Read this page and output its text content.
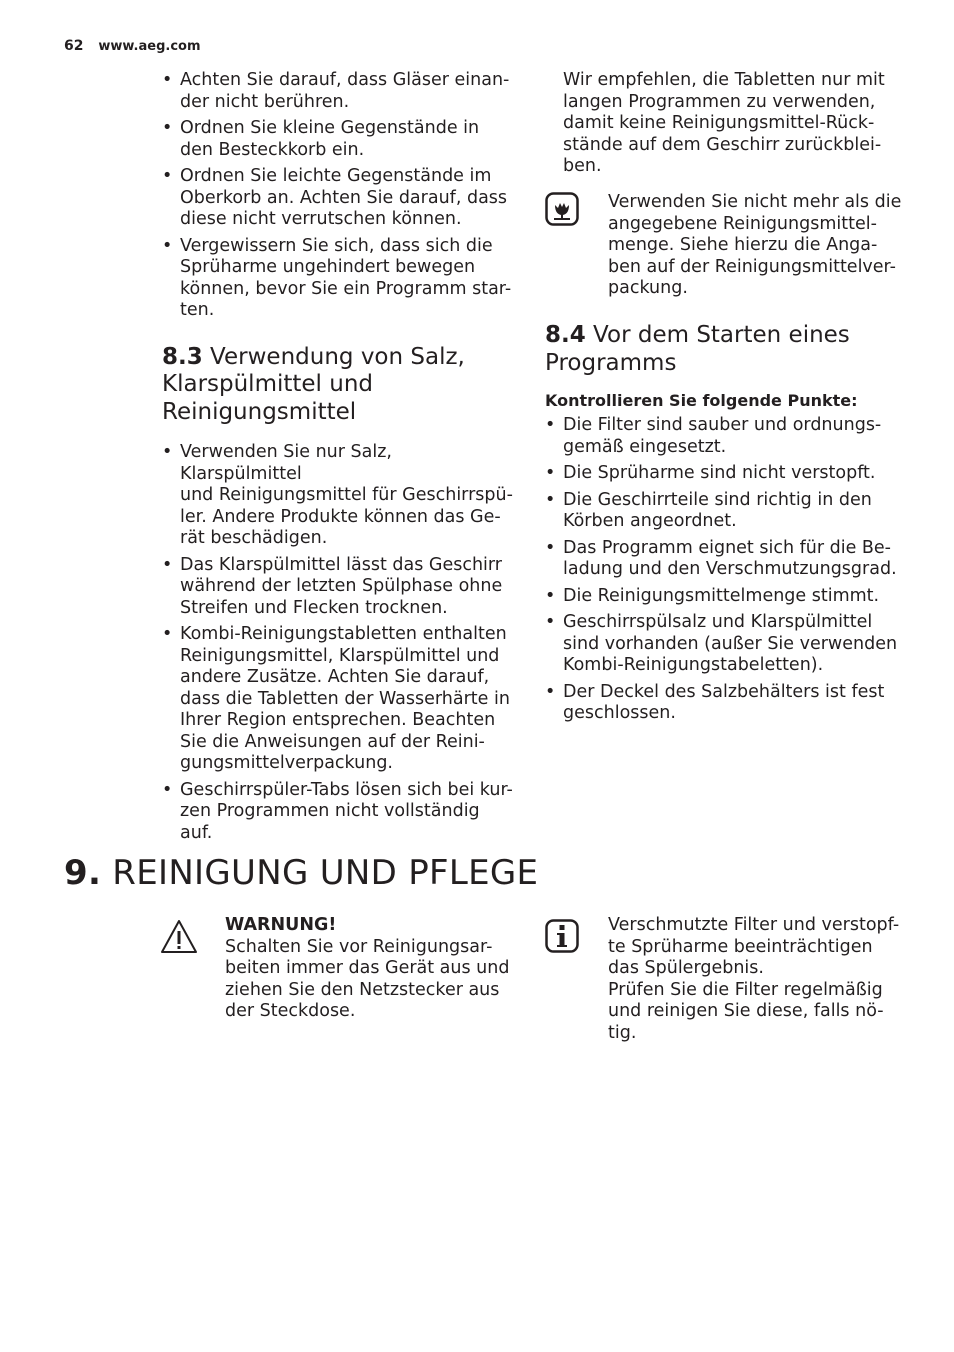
62 www.aeg.com
• Achten Sie darauf, dass Gläser einan-
der nicht berühren.
• Ordnen Sie kleine Gegenstände in
den Besteckkorb ein.
• Ordnen Sie leichte Gegenstände im
Oberkorb an. Achten Sie darauf, dass
diese nicht verrutschen können.
• Vergewissern Sie sich, dass sich die
Sprüharme ungehindert bewegen
können, bevor Sie ein Programm star-
ten.
8.3 Verwendung von Salz,
Klarspülmittel und
Reinigungsmittel
• Verwenden Sie nur Salz, Klarspülmittel
und Reinigungsmittel für Geschirrspü-
ler. Andere Produkte können das Ge-
rät beschädigen.
• Das Klarspülmittel lässt das Geschirr
während der letzten Spülphase ohne
Streifen und Flecken trocknen.
• Kombi-Reinigungstabletten enthalten
Reinigungsmittel, Klarspülmittel und
andere Zusätze. Achten Sie darauf,
dass die Tabletten der Wasserhärte in
Ihrer Region entsprechen. Beachten
Sie die Anweisungen auf der Reini-
gungsmittelverpackung.
• Geschirrspüler-Tabs lösen sich bei kur-
zen Programmen nicht vollständig auf.
Wir empfehlen, die Tabletten nur mit
langen Programmen zu verwenden,
damit keine Reinigungsmittel-Rück-
stände auf dem Geschirr zurückblei-
ben.
Verwenden Sie nicht mehr als die
angegebene Reinigungsmittel-
menge. Siehe hierzu die Anga-
ben auf der Reinigungsmittelver-
packung.
8.4 Vor dem Starten eines
Programms
Kontrollieren Sie folgende Punkte:
• Die Filter sind sauber und ordnungs-
gemäß eingesetzt.
• Die Sprüharme sind nicht verstopft.
• Die Geschirrteile sind richtig in den
Körben angeordnet.
• Das Programm eignet sich für die Be-
ladung und den Verschmutzungsgrad.
• Die Reinigungsmittelmenge stimmt.
• Geschirrspülsalz und Klarspülmittel
sind vorhanden (außer Sie verwenden
Kombi-Reinigungstabeletten).
• Der Deckel des Salzbehälters ist fest
geschlossen.
9. REINIGUNG UND PFLEGE
WARNUNG!
Schalten Sie vor Reinigungsar-
beiten immer das Gerät aus und
ziehen Sie den Netzstecker aus
der Steckdose.
Verschmutzte Filter und verstopf-
te Sprüharme beeinträchtigen
das Spülergebnis.
Prüfen Sie die Filter regelmäßig
und reinigen Sie diese, falls nö-
tig.
